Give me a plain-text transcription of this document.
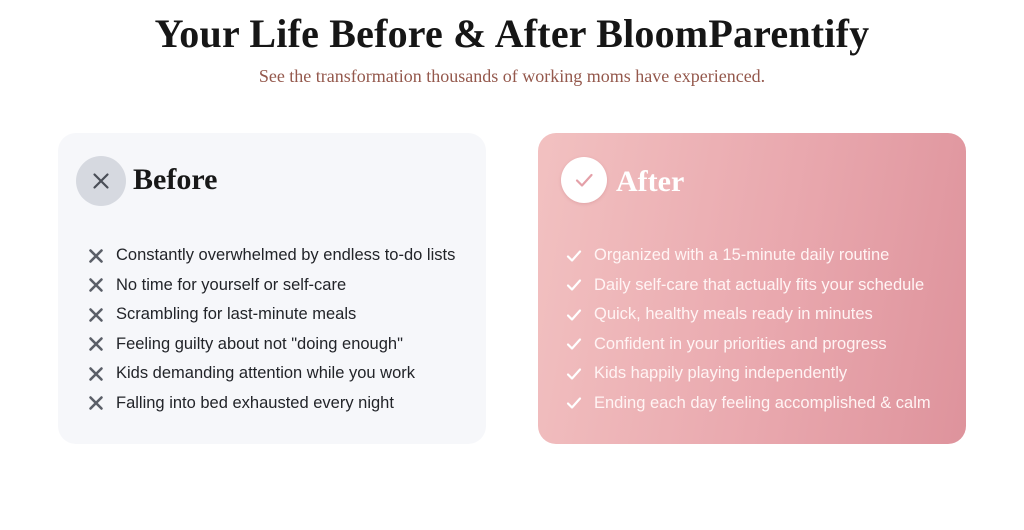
Your Life Before & After BloomParentify

See the transformation thousands of working moms have experienced.

Before
Constantly overwhelmed by endless to-do lists
No time for yourself or self-care
Scrambling for last-minute meals
Feeling guilty about not "doing enough"
Kids demanding attention while you work
Falling into bed exhausted every night
After
Organized with a 15-minute daily routine
Daily self-care that actually fits your schedule
Quick, healthy meals ready in minutes
Confident in your priorities and progress
Kids happily playing independently
Ending each day feeling accomplished & calm
